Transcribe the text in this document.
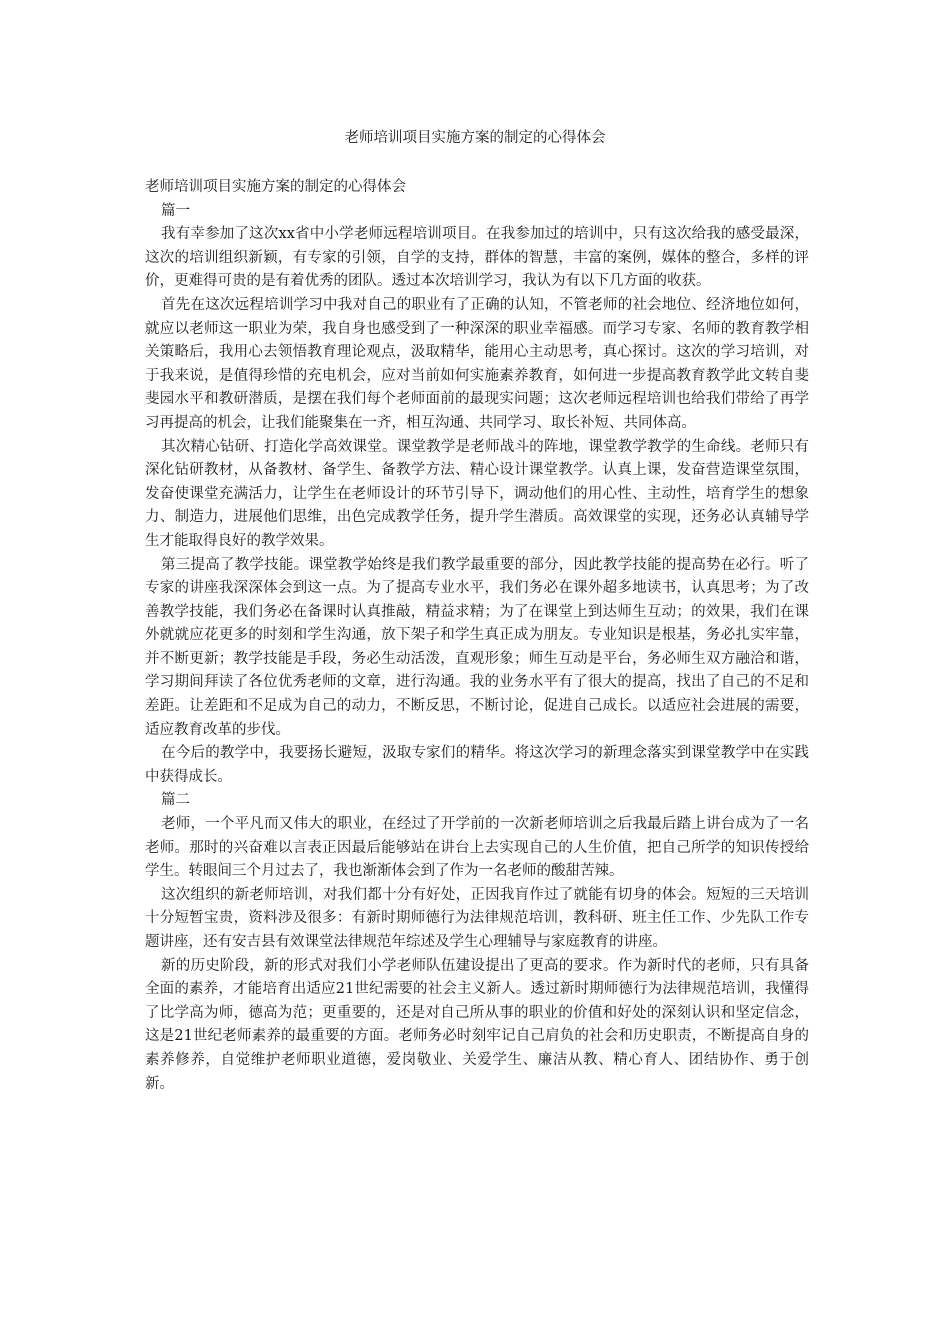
老师培训项目实施方案的制定的心得体会

老师培训项目实施方案的制定的心得体会

篇一

我有幸参加了这次xx省中小学老师远程培训项目。在我参加过的培训中，只有这次给我的感受最深，这次的培训组织新颖，有专家的引领，自学的支持，群体的智慧，丰富的案例，媒体的整合，多样的评价，更难得可贵的是有着优秀的团队。透过本次培训学习，我认为有以下几方面的收获。

首先在这次远程培训学习中我对自己的职业有了正确的认知，不管老师的社会地位、经济地位如何，就应以老师这一职业为荣，我自身也感受到了一种深深的职业幸福感。而学习专家、名师的教育教学相关策略后，我用心去领悟教育理论观点，汲取精华，能用心主动思考，真心探讨。这次的学习培训，对于我来说，是值得珍惜的充电机会，应对当前如何实施素养教育，如何进一步提高教育教学此文转自斐斐园水平和教研潜质，是摆在我们每个老师面前的最现实问题；这次老师远程培训也给我们带给了再学习再提高的机会，让我们能聚集在一齐，相互沟通、共同学习、取长补短、共同体高。

其次精心钻研、打造化学高效课堂。课堂教学是老师战斗的阵地，课堂教学教学的生命线。老师只有深化钻研教材，从备教材、备学生、备教学方法、精心设计课堂教学。认真上课，发奋营造课堂氛围，发奋使课堂充满活力，让学生在老师设计的环节引导下，调动他们的用心性、主动性，培育学生的想象力、制造力，进展他们思维，出色完成教学任务，提升学生潜质。高效课堂的实现，还务必认真辅导学生才能取得良好的教学效果。

第三提高了教学技能。课堂教学始终是我们教学最重要的部分，因此教学技能的提高势在必行。听了专家的讲座我深深体会到这一点。为了提高专业水平，我们务必在课外超多地读书，认真思考；为了改善教学技能，我们务必在备课时认真推敲，精益求精；为了在课堂上到达师生互动；的效果，我们在课外就就应花更多的时刻和学生沟通，放下架子和学生真正成为朋友。专业知识是根基，务必扎实牢靠，并不断更新；教学技能是手段，务必生动活泼，直观形象；师生互动是平台，务必师生双方融洽和谐，学习期间拜读了各位优秀老师的文章，进行沟通。我的业务水平有了很大的提高，找出了自己的不足和差距。让差距和不足成为自己的动力，不断反思，不断讨论，促进自己成长。以适应社会进展的需要，适应教育改革的步伐。

在今后的教学中，我要扬长避短，汲取专家们的精华。将这次学习的新理念落实到课堂教学中在实践中获得成长。

篇二

老师，一个平凡而又伟大的职业，在经过了开学前的一次新老师培训之后我最后踏上讲台成为了一名老师。那时的兴奋难以言表正因最后能够站在讲台上去实现自己的人生价值，把自己所学的知识传授给学生。转眼间三个月过去了，我也渐渐体会到了作为一名老师的酸甜苦辣。

这次组织的新老师培训，对我们都十分有好处，正因我肓作过了就能有切身的体会。短短的三天培训十分短暂宝贵，资料涉及很多：有新时期师德行为法律规范培训，教科研、班主任工作、少先队工作专题讲座，还有安吉县有效课堂法律规范年综述及学生心理辅导与家庭教育的讲座。

新的历史阶段，新的形式对我们小学老师队伍建设提出了更高的要求。作为新时代的老师，只有具备全面的素养，才能培育出适应21世纪需要的社会主义新人。透过新时期师德行为法律规范培训，我懂得了比学高为师，德高为范；更重要的，还是对自己所从事的职业的价值和好处的深刻认识和坚定信念，这是21世纪老师素养的最重要的方面。老师务必时刻牢记自己肩负的社会和历史职责，不断提高自身的素养修养，自觉维护老师职业道德，爱岗敬业、关爱学生、廉洁从教、精心育人、团结协作、勇于创新。
